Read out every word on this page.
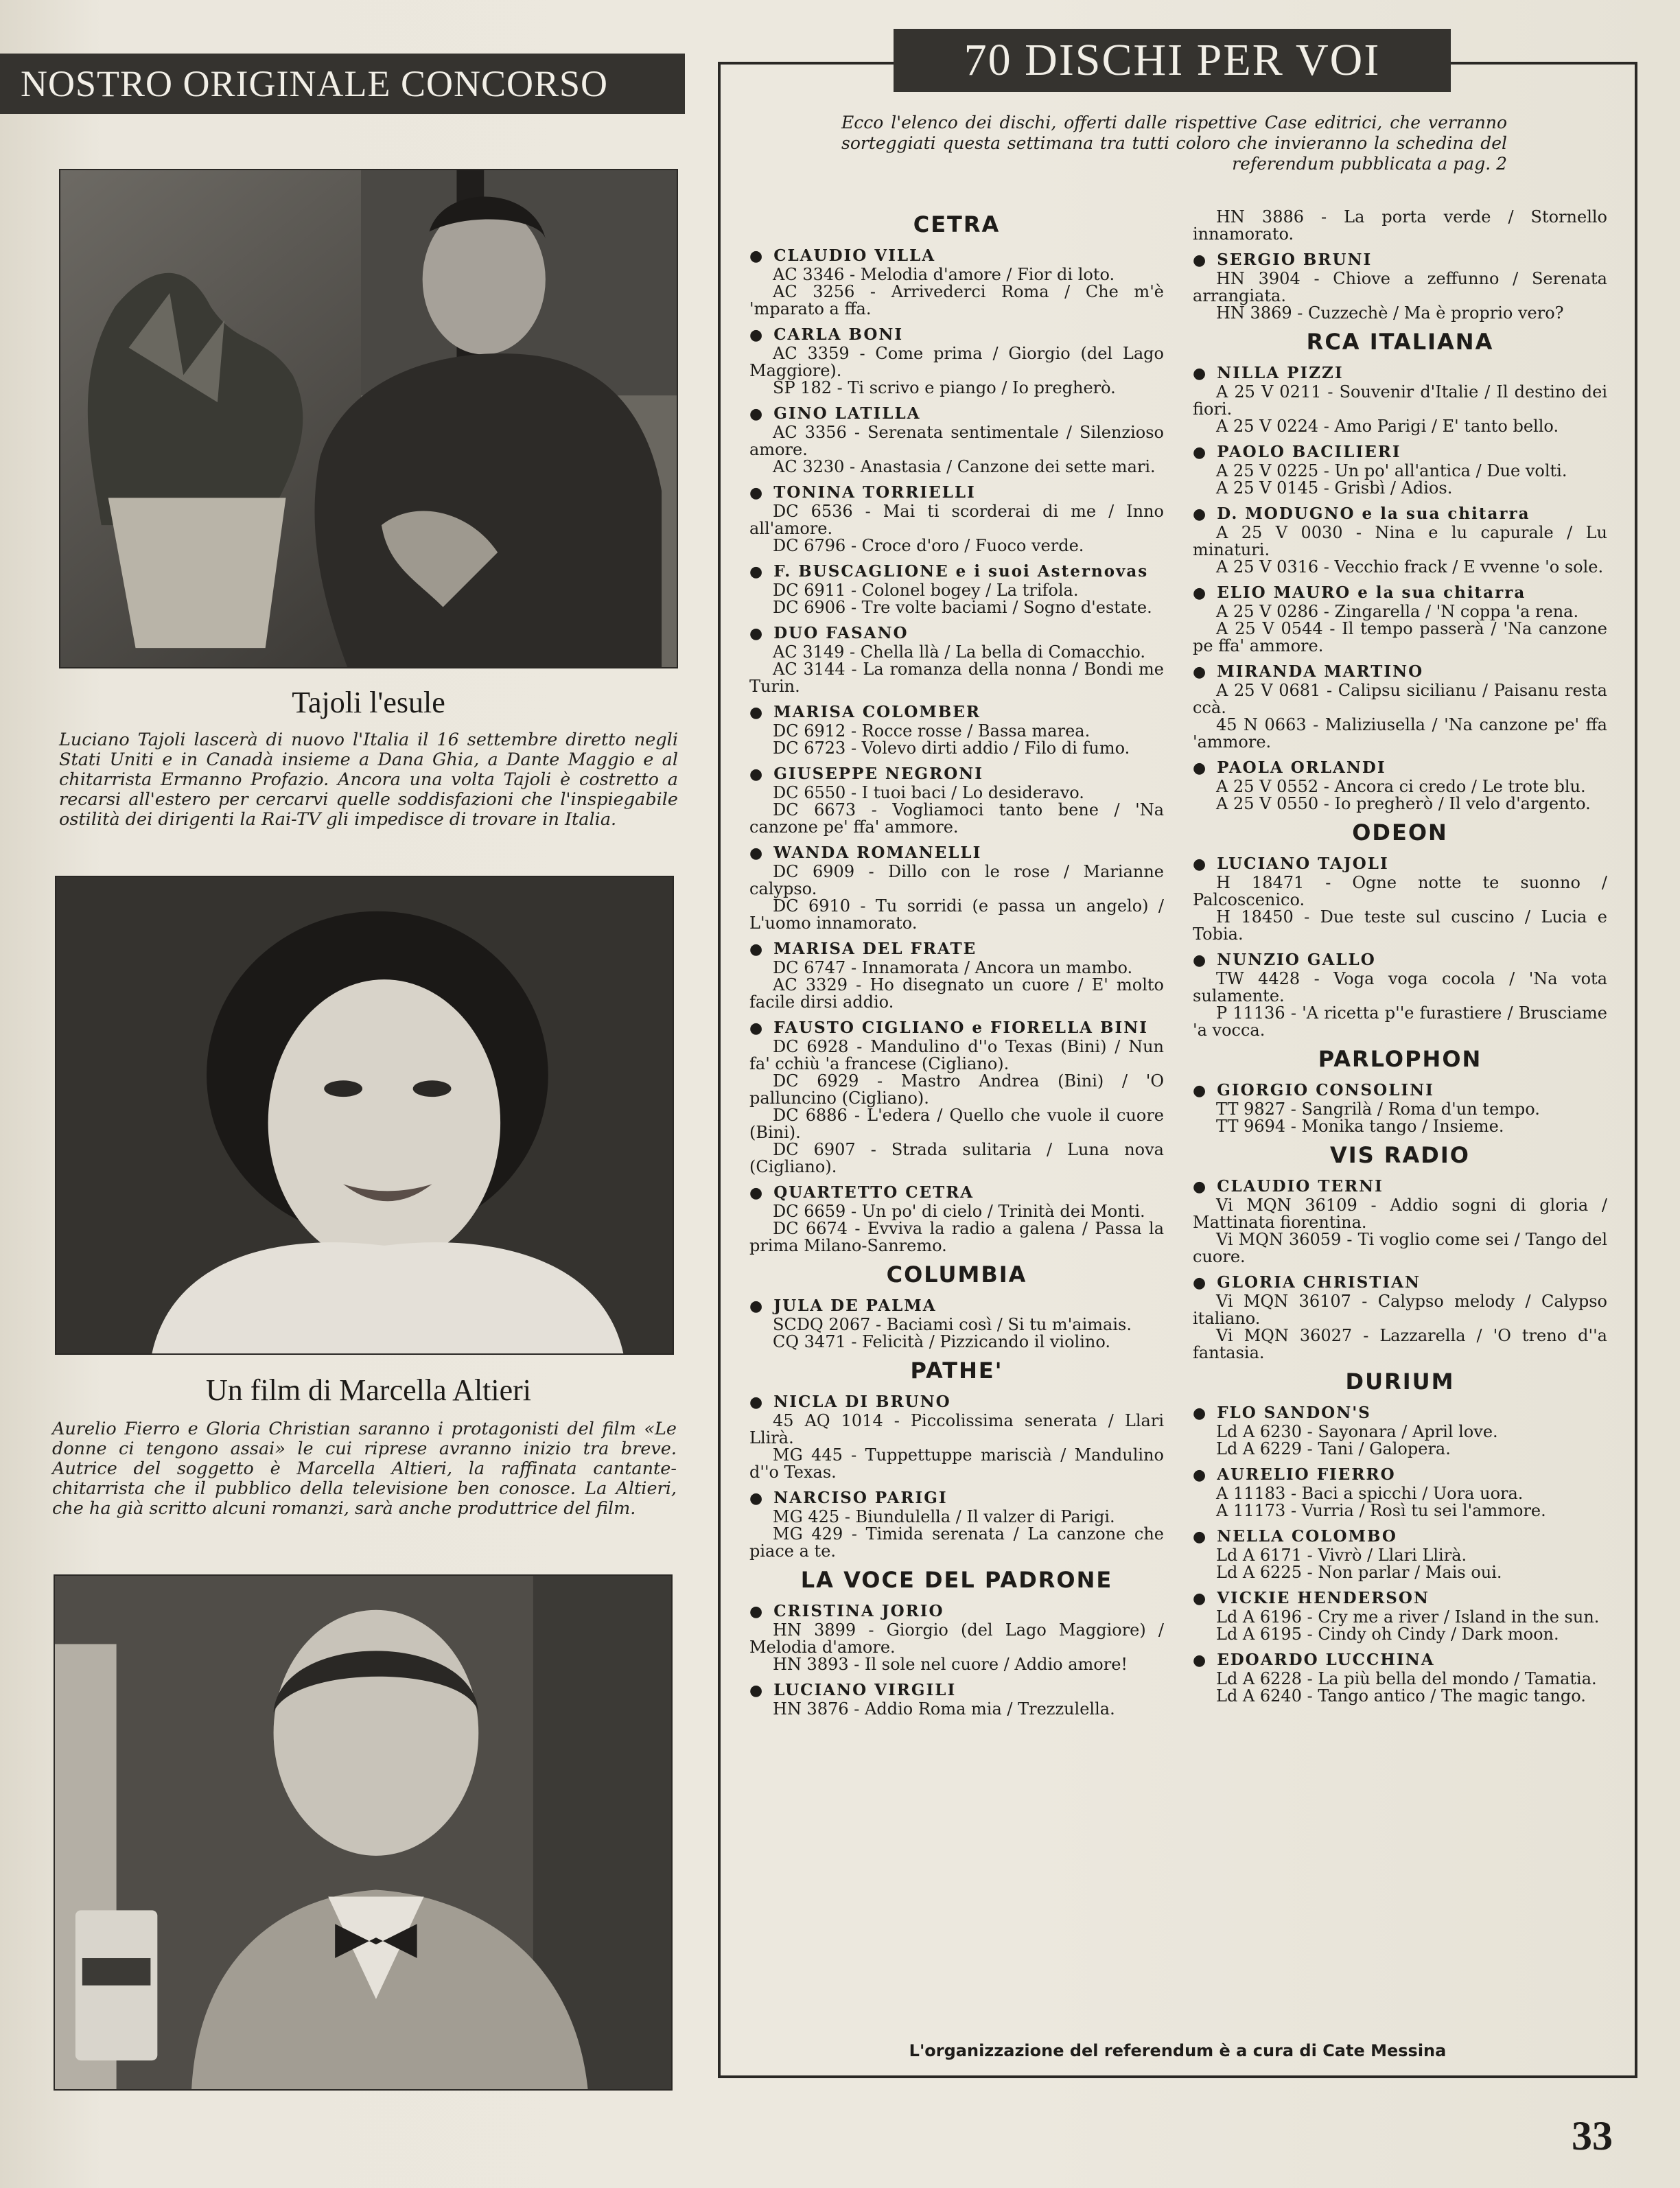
NOSTRO ORIGINALE CONCORSO
Tajoli l'esule
Luciano Tajoli lascerà di nuovo l'Italia il 16 settembre diretto negli Stati Uniti e in Canadà insieme a Dana Ghia, a Dante Maggio e al chitarrista Ermanno Profazio. Ancora una volta Tajoli è costretto a recarsi all'estero per cercarvi quelle soddisfazioni che l'inspiegabile ostilità dei dirigenti la Rai-TV gli impedisce di trovare in Italia.
Un film di Marcella Altieri
Aurelio Fierro e Gloria Christian saranno i protagonisti del film «Le donne ci tengono assai» le cui riprese avranno inizio tra breve. Autrice del soggetto è Marcella Altieri, la raffinata cantante-chitarrista che il pubblico della televisione ben conosce. La Altieri, che ha già scritto alcuni romanzi, sarà anche produttrice del film.
70 DISCHI PER VOI
Ecco l'elenco dei dischi, offerti dalle rispettive Case editrici, che verranno sorteggiati questa settimana tra tutti coloro che invieranno la schedina del referendum pubblicata a pag. 2
CETRA
● CLAUDIO VILLA
AC 3346 - Melodia d'amore / Fior di loto.
AC 3256 - Arrivederci Roma / Che m'è 'mparato a ffa.
● CARLA BONI
AC 3359 - Come prima / Giorgio (del Lago Maggiore).
SP 182 - Ti scrivo e piango / Io pregherò.
● GINO LATILLA
AC 3356 - Serenata sentimentale / Silenzioso amore.
AC 3230 - Anastasia / Canzone dei sette mari.
● TONINA TORRIELLI
DC 6536 - Mai ti scorderai di me / Inno all'amore.
DC 6796 - Croce d'oro / Fuoco verde.
● F. BUSCAGLIONE e i suoi Asternovas
DC 6911 - Colonel bogey / La trifola.
DC 6906 - Tre volte baciami / Sogno d'estate.
● DUO FASANO
AC 3149 - Chella llà / La bella di Comacchio.
AC 3144 - La romanza della nonna / Bondi me Turin.
● MARISA COLOMBER
DC 6912 - Rocce rosse / Bassa marea.
DC 6723 - Volevo dirti addio / Filo di fumo.
● GIUSEPPE NEGRONI
DC 6550 - I tuoi baci / Lo desideravo.
DC 6673 - Vogliamoci tanto bene / 'Na canzone pe' ffa' ammore.
● WANDA ROMANELLI
DC 6909 - Dillo con le rose / Marianne calypso.
DC 6910 - Tu sorridi (e passa un angelo) / L'uomo innamorato.
● MARISA DEL FRATE
DC 6747 - Innamorata / Ancora un mambo.
AC 3329 - Ho disegnato un cuore / E' molto facile dirsi addio.
● FAUSTO CIGLIANO e FIORELLA BINI
DC 6928 - Mandulino d''o Texas (Bini) / Nun fa' cchiù 'a francese (Cigliano).
DC 6929 - Mastro Andrea (Bini) / 'O palluncino (Cigliano).
DC 6886 - L'edera / Quello che vuole il cuore (Bini).
DC 6907 - Strada sulitaria / Luna nova (Cigliano).
● QUARTETTO CETRA
DC 6659 - Un po' di cielo / Trinità dei Monti.
DC 6674 - Evviva la radio a galena / Passa la prima Milano-Sanremo.
COLUMBIA
● JULA DE PALMA
SCDQ 2067 - Baciami così / Si tu m'aimais.
CQ 3471 - Felicità / Pizzicando il violino.
PATHE'
● NICLA DI BRUNO
45 AQ 1014 - Piccolissima senerata / Llari Llirà.
MG 445 - Tuppettuppe mariscià / Mandulino d''o Texas.
● NARCISO PARIGI
MG 425 - Biundulella / Il valzer di Parigi.
MG 429 - Timida serenata / La canzone che piace a te.
LA VOCE DEL PADRONE
● CRISTINA JORIO
HN 3899 - Giorgio (del Lago Maggiore) / Melodia d'amore.
HN 3893 - Il sole nel cuore / Addio amore!
● LUCIANO VIRGILI
HN 3876 - Addio Roma mia / Trezzulella.
HN 3886 - La porta verde / Stornello innamorato.
● SERGIO BRUNI
HN 3904 - Chiove a zeffunno / Serenata arrangiata.
HN 3869 - Cuzzechè / Ma è proprio vero?
RCA ITALIANA
● NILLA PIZZI
A 25 V 0211 - Souvenir d'Italie / Il destino dei fiori.
A 25 V 0224 - Amo Parigi / E' tanto bello.
● PAOLO BACILIERI
A 25 V 0225 - Un po' all'antica / Due volti.
A 25 V 0145 - Grisbì / Adios.
● D. MODUGNO e la sua chitarra
A 25 V 0030 - Nina e lu capurale / Lu minaturi.
A 25 V 0316 - Vecchio frack / E vvenne 'o sole.
● ELIO MAURO e la sua chitarra
A 25 V 0286 - Zingarella / 'N coppa 'a rena.
A 25 V 0544 - Il tempo passerà / 'Na canzone pe ffa' ammore.
● MIRANDA MARTINO
A 25 V 0681 - Calipsu sicilianu / Paisanu resta ccà.
45 N 0663 - Maliziusella / 'Na canzone pe' ffa 'ammore.
● PAOLA ORLANDI
A 25 V 0552 - Ancora ci credo / Le trote blu.
A 25 V 0550 - Io pregherò / Il velo d'argento.
ODEON
● LUCIANO TAJOLI
H 18471 - Ogne notte te suonno / Palcoscenico.
H 18450 - Due teste sul cuscino / Lucia e Tobia.
● NUNZIO GALLO
TW 4428 - Voga voga cocola / 'Na vota sulamente.
P 11136 - 'A ricetta p''e furastiere / Brusciame 'a vocca.
PARLOPHON
● GIORGIO CONSOLINI
TT 9827 - Sangrilà / Roma d'un tempo.
TT 9694 - Monika tango / Insieme.
VIS RADIO
● CLAUDIO TERNI
Vi MQN 36109 - Addio sogni di gloria / Mattinata fiorentina.
Vi MQN 36059 - Ti voglio come sei / Tango del cuore.
● GLORIA CHRISTIAN
Vi MQN 36107 - Calypso melody / Calypso italiano.
Vi MQN 36027 - Lazzarella / 'O treno d''a fantasia.
DURIUM
● FLO SANDON'S
Ld A 6230 - Sayonara / April love.
Ld A 6229 - Tani / Galopera.
● AURELIO FIERRO
A 11183 - Baci a spicchi / Uora uora.
A 11173 - Vurria / Rosì tu sei l'ammore.
● NELLA COLOMBO
Ld A 6171 - Vivrò / Llari Llirà.
Ld A 6225 - Non parlar / Mais oui.
● VICKIE HENDERSON
Ld A 6196 - Cry me a river / Island in the sun.
Ld A 6195 - Cindy oh Cindy / Dark moon.
● EDOARDO LUCCHINA
Ld A 6228 - La più bella del mondo / Tamatia.
Ld A 6240 - Tango antico / The magic tango.
L'organizzazione del referendum è a cura di Cate Messina
33
